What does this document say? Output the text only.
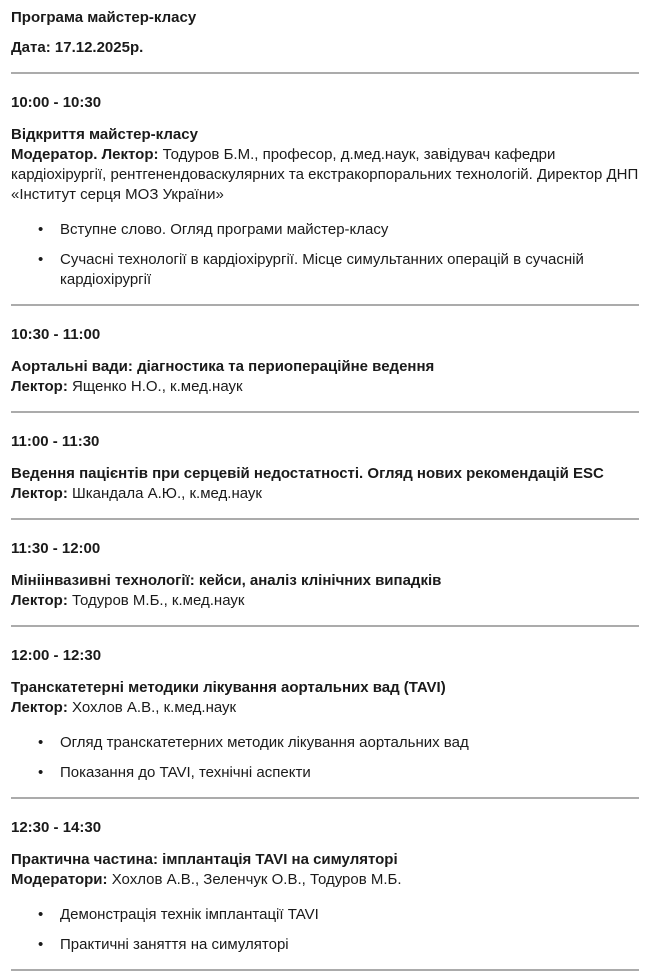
Програма майстер-класу

Дата: 17.12.2025р.

10:00 - 10:30

Відкриття майстер-класу

Модератор. Лектор: Тодуров Б.М., професор, д.мед.наук, завідувач кафедри кардіохірургії, рентгенендоваскулярних та екстракорпоральних технологій. Директор ДНП «Інститут серця МОЗ України»

• Вступне слово. Огляд програми майстер-класу
• Сучасні технології в кардіохірургії. Місце симультанних операцій в сучасній кардіохірургії

10:30 - 11:00

Аортальні вади: діагностика та периопераційне ведення

Лектор: Ященко Н.О., к.мед.наук

11:00 - 11:30

Ведення пацієнтів при серцевій недостатності. Огляд нових рекомендацій ESC

Лектор: Шкандала А.Ю., к.мед.наук

11:30 - 12:00

Мініінвазивні технології: кейси, аналіз клінічних випадків

Лектор: Тодуров М.Б., к.мед.наук

12:00 - 12:30

Транскатетерні методики лікування аортальних вад (TAVI)

Лектор: Хохлов А.В., к.мед.наук

• Огляд транскатетерних методик лікування аортальних вад
• Показання до TAVI, технічні аспекти

12:30 - 14:30

Практична частина: імплантація TAVI на симуляторі

Модератори: Хохлов А.В., Зеленчук О.В., Тодуров М.Б.

• Демонстрація технік імплантації TAVI
• Практичні заняття на симуляторі
